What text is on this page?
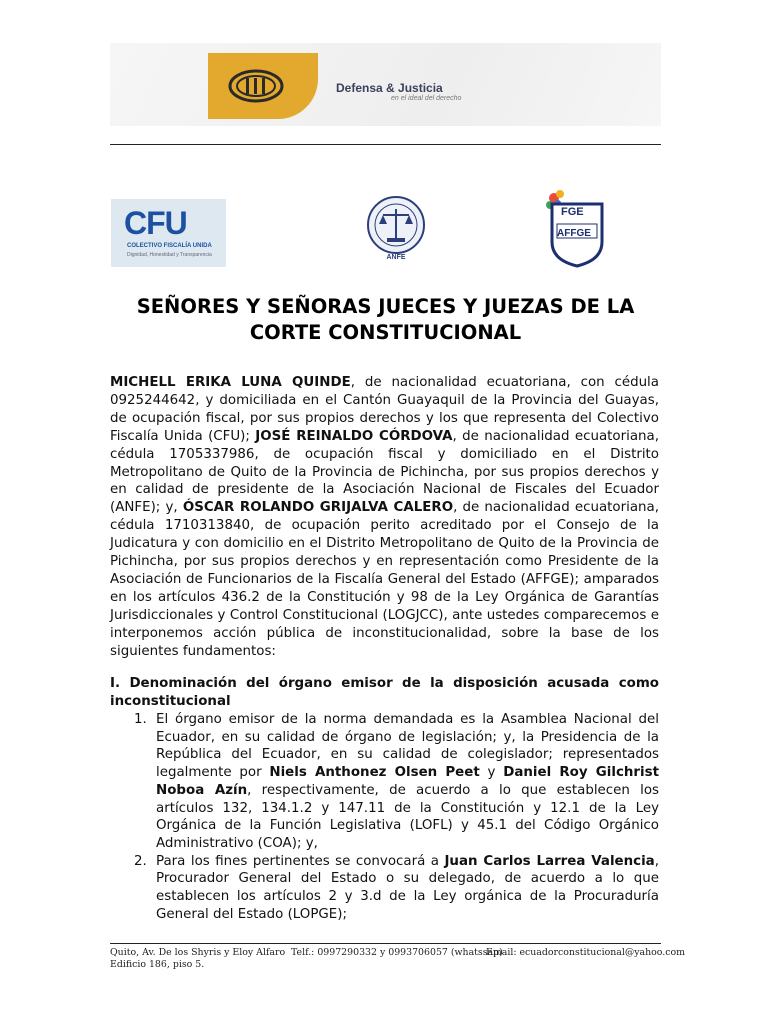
Defensa & Justicia
en el ideal del derecho
CFU
COLECTIVO FISCALÍA UNIDA
Dignidad, Honestidad y Transparencia	ANFE
FGE
AFFGE
SEÑORES Y SEÑORAS JUECES Y JUEZAS DE LA
CORTE CONSTITUCIONAL
MICHELL ERIKA LUNA QUINDE, de nacionalidad ecuatoriana, con cédula 0925244642, y domiciliada en el Cantón Guayaquil de la Provincia del Guayas, de ocupación fiscal, por sus propios derechos y los que representa del Colectivo Fiscalía Unida (CFU); JOSÉ REINALDO CÓRDOVA, de nacionalidad ecuatoriana, cédula 1705337986, de ocupación fiscal y domiciliado en el Distrito Metropolitano de Quito de la Provincia de Pichincha, por sus propios derechos y en calidad de presidente de la Asociación Nacional de Fiscales del Ecuador (ANFE); y, ÓSCAR ROLANDO GRIJALVA CALERO, de nacionalidad ecuatoriana, cédula 1710313840, de ocupación perito acreditado por el Consejo de la Judicatura y con domicilio en el Distrito Metropolitano de Quito de la Provincia de Pichincha, por sus propios derechos y en representación como Presidente de la Asociación de Funcionarios de la Fiscalía General del Estado (AFFGE); amparados en los artículos 436.2 de la Constitución y 98 de la Ley Orgánica de Garantías Jurisdiccionales y Control Constitucional (LOGJCC), ante ustedes comparecemos e interponemos acción pública de inconstitucionalidad, sobre la base de los siguientes fundamentos:
I. Denominación del órgano emisor de la disposición acusada como inconstitucional
1. El órgano emisor de la norma demandada es la Asamblea Nacional del Ecuador, en su calidad de órgano de legislación; y, la Presidencia de la República del Ecuador, en su calidad de colegislador; representados legalmente por Niels Anthonez Olsen Peet y Daniel Roy Gilchrist Noboa Azín, respectivamente, de acuerdo a lo que establecen los artículos 132, 134.1.2 y 147.11 de la Constitución y 12.1 de la Ley Orgánica de la Función Legislativa (LOFL) y 45.1 del Código Orgánico Administrativo (COA); y,
2. Para los fines pertinentes se convocará a Juan Carlos Larrea Valencia, Procurador General del Estado o su delegado, de acuerdo a lo que establecen los artículos 2 y 3.d de la Ley orgánica de la Procuraduría General del Estado (LOPGE);
Quito, Av. De los Shyris y Eloy Alfaro
Edificio 186, piso 5.
Telf.: 0997290332 y 0993706057 (whatssap)
Email: ecuadorconstitucional@yahoo.com
